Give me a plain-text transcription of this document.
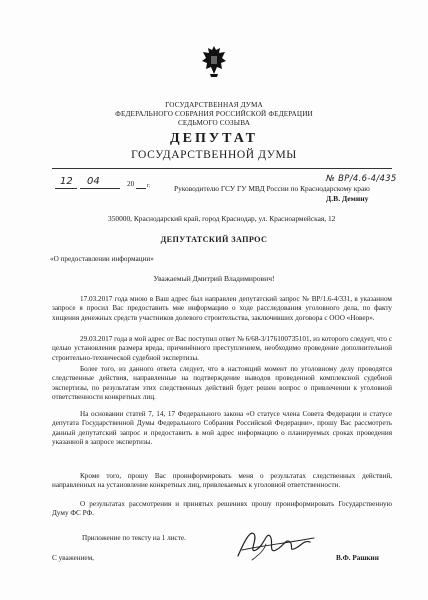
ГОСУДАРСТВЕННАЯ ДУМА
ФЕДЕРАЛЬНОГО СОБРАНИЯ РОССИЙСКОЙ ФЕДЕРАЦИИ
СЕДЬМОГО СОЗЫВА
ДЕПУТАТ
ГОСУДАРСТВЕННОЙ ДУМЫ
12 04	20 г.
№ ВР/4.6-4/435
Руководителю ГСУ ГУ МВД России по Краснодарскому краю
Д.В. Демину
350000, Краснодарский край, город Краснодар, ул. Красноармейская, 12
ДЕПУТАТСКИЙ ЗАПРОС
«О предоставлении информации»
Уважаемый Дмитрий Владимирович!
17.03.2017 года мною в Ваш адрес был направлен депутатский запрос № ВР/1.6-4/331, в указанном запросе я просил Вас предоставить мне информацию о ходе расследования уголовного дела, по факту хищения денежных средств участников долевого строительства, заключивших договора с ООО «Новер».
29.03.2017 года в мой адрес от Вас поступил ответ № 6/68-3/176100735101, из которого следует, что с целью установления размера вреда, причинённого преступлением, необходимо проведение дополнительной строительно-технической судебной экспертизы.
Более того, из данного ответа следует, что в настоящий момент по уголовному делу проводятся следственные действия, направленные на подтверждение выводов проведенной комплексной судебной экспертизы, по результатам этих следственных действий будет решен вопрос о привлечении к уголовной ответственности конкретных лиц.
На основании статей 7, 14, 17 Федерального закона «О статусе члена Совета Федерации и статусе депутата Государственной Думы Федерального Собрания Российской Федерации», прошу Вас рассмотреть данный депутатский запрос и предоставить в мой адрес информацию о планируемых сроках проведения указанной в запросе экспертизы.
Кроме того, прошу Вас проинформировать меня о результатах следственных действий, направленных на установление конкретных лиц, привлекаемых к уголовной ответственности.
О результатах рассмотрения и принятых решениях прошу проинформировать Государственную Думу ФС РФ.
Приложение по тексту на 1 листе.
С уважением,	В.Ф. Рашкин
